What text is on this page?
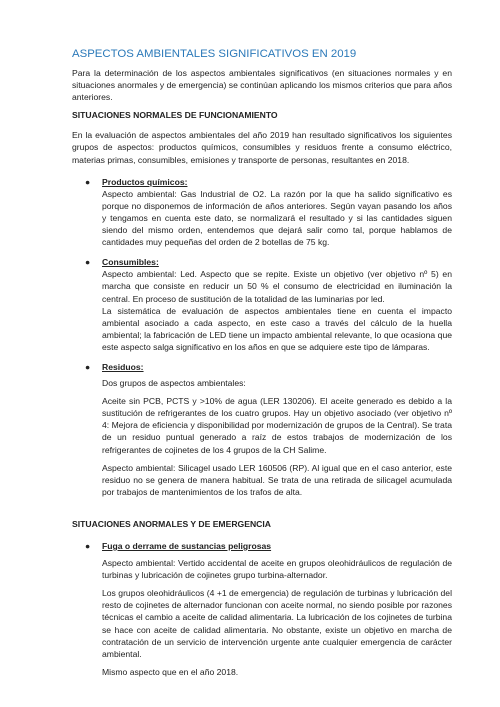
ASPECTOS AMBIENTALES SIGNIFICATIVOS EN 2019

Para la determinación de los aspectos ambientales significativos (en situaciones normales y en situaciones anormales y de emergencia) se continúan aplicando los mismos criterios que para años anteriores.

SITUACIONES NORMALES DE FUNCIONAMIENTO

En la evaluación de aspectos ambientales del año 2019 han resultado significativos los siguientes grupos de aspectos: productos químicos, consumibles y residuos frente a consumo eléctrico, materias primas, consumibles, emisiones y transporte de personas, resultantes en 2018.

● Productos químicos:

Aspecto ambiental: Gas Industrial de O2. La razón por la que ha salido significativo es porque no disponemos de información de años anteriores. Según vayan pasando los años y tengamos en cuenta este dato, se normalizará el resultado y si las cantidades siguen siendo del mismo orden, entendemos que dejará salir como tal, porque hablamos de cantidades muy pequeñas del orden de 2 botellas de 75 kg.

● Consumibles:

Aspecto ambiental: Led. Aspecto que se repite. Existe un objetivo (ver objetivo nº 5) en marcha que consiste en reducir un 50 % el consumo de electricidad en iluminación la central. En proceso de sustitución de la totalidad de las luminarias por led.

La sistemática de evaluación de aspectos ambientales tiene en cuenta el impacto ambiental asociado a cada aspecto, en este caso a través del cálculo de la huella ambiental; la fabricación de LED tiene un impacto ambiental relevante, lo que ocasiona que este aspecto salga significativo en los años en que se adquiere este tipo de lámparas.

● Residuos:

Dos grupos de aspectos ambientales:

Aceite sin PCB, PCTS y >10% de agua (LER 130206). El aceite generado es debido a la sustitución de refrigerantes de los cuatro grupos. Hay un objetivo asociado (ver objetivo nº 4: Mejora de eficiencia y disponibilidad por modernización de grupos de la Central). Se trata de un residuo puntual generado a raíz de estos trabajos de modernización de los refrigerantes de cojinetes de los 4 grupos de la CH Salime.

Aspecto ambiental: Silicagel usado LER 160506 (RP). Al igual que en el caso anterior, este residuo no se genera de manera habitual. Se trata de una retirada de silicagel acumulada por trabajos de mantenimientos de los trafos de alta.

SITUACIONES ANORMALES Y DE EMERGENCIA

● Fuga o derrame de sustancias peligrosas

Aspecto ambiental: Vertido accidental de aceite en grupos oleohidráulicos de regulación de turbinas y lubricación de cojinetes grupo turbina-alternador.

Los grupos oleohidráulicos (4 +1 de emergencia) de regulación de turbinas y lubricación del resto de cojinetes de alternador funcionan con aceite normal, no siendo posible por razones técnicas el cambio a aceite de calidad alimentaria. La lubricación de los cojinetes de turbina se hace con aceite de calidad alimentaria. No obstante, existe un objetivo en marcha de contratación de un servicio de intervención urgente ante cualquier emergencia de carácter ambiental.

Mismo aspecto que en el año 2018.
